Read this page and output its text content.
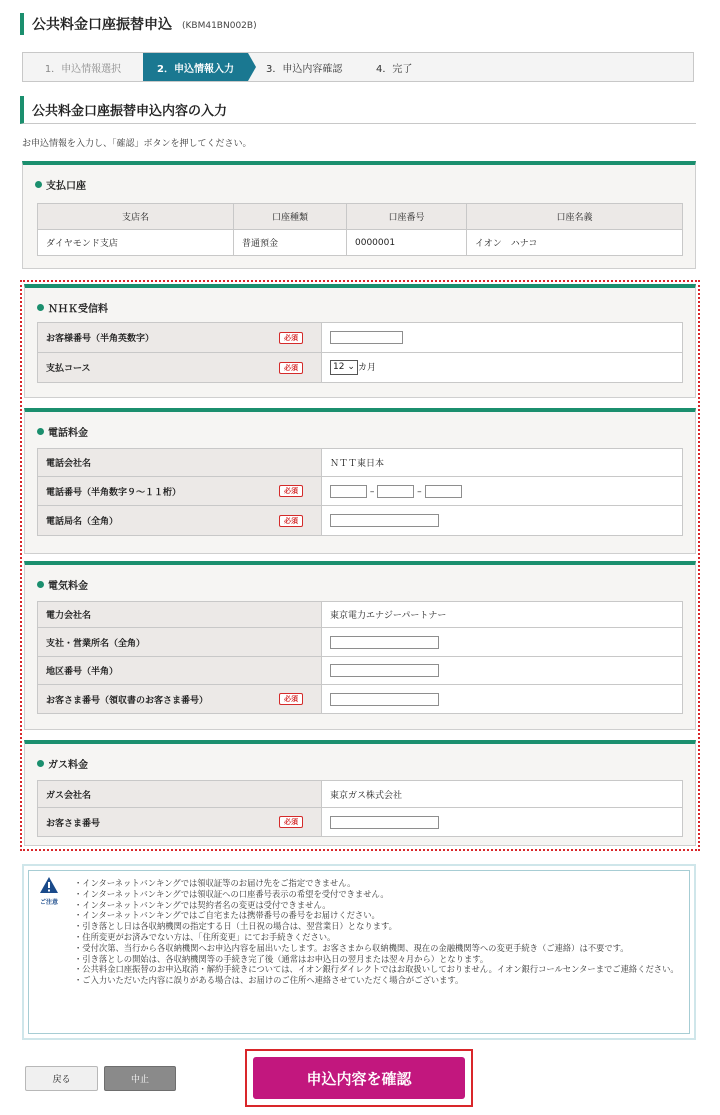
公共料金口座振替申込 (KBM41BN002B)
1．申込情報選択	2．申込情報入力	3．申込内容確認	4．完了
公共料金口座振替申込内容の入力
お申込情報を入力し、「確認」ボタンを押してください。
支払口座
支店名	口座種類	口座番号	口座名義
ダイヤモンド支店	普通預金	0000001	イオン　ハナコ
ＮＨＫ受信料
お客様番号（半角英数字） 必須	

支払コース 必須	12 ⌄ カ月
電話料金
電話会社名	ＮＴＴ東日本
電話番号（半角数字９～１１桁） 必須	– –
電話局名（全角） 必須	

電気料金
電力会社名	東京電力エナジーパートナー
支社・営業所名（全角）	
地区番号（半角）	
お客さま番号（領収書のお客さま番号） 必須	

ガス料金
ガス会社名	東京ガス株式会社
お客さま番号 必須	

ご注意
・インターネットバンキングでは領収証等のお届け先をご指定できません。
・インターネットバンキングでは領収証への口座番号表示の希望を受付できません。
・インターネットバンキングでは契約者名の変更は受付できません。
・インターネットバンキングではご自宅または携帯番号の番号をお届けください。
・引き落とし日は各収納機関の指定する日（土日祝の場合は、翌営業日）となります。
・住所変更がお済みでない方は、「住所変更」にてお手続きください。
・受付次第、当行から各収納機関へお申込内容を届出いたします。お客さまから収納機関、現在の金融機関等への変更手続き（ご連絡）は不要です。
・引き落としの開始は、各収納機関等の手続き完了後（通常はお申込日の翌月または翌々月から）となります。
・公共料金口座振替のお申込取消・解約手続きについては、イオン銀行ダイレクトではお取扱いしておりません。イオン銀行コールセンターまでご連絡ください。
・ご入力いただいた内容に誤りがある場合は、お届けのご住所へ連絡させていただく場合がございます。
戻る	中止	申込内容を確認
